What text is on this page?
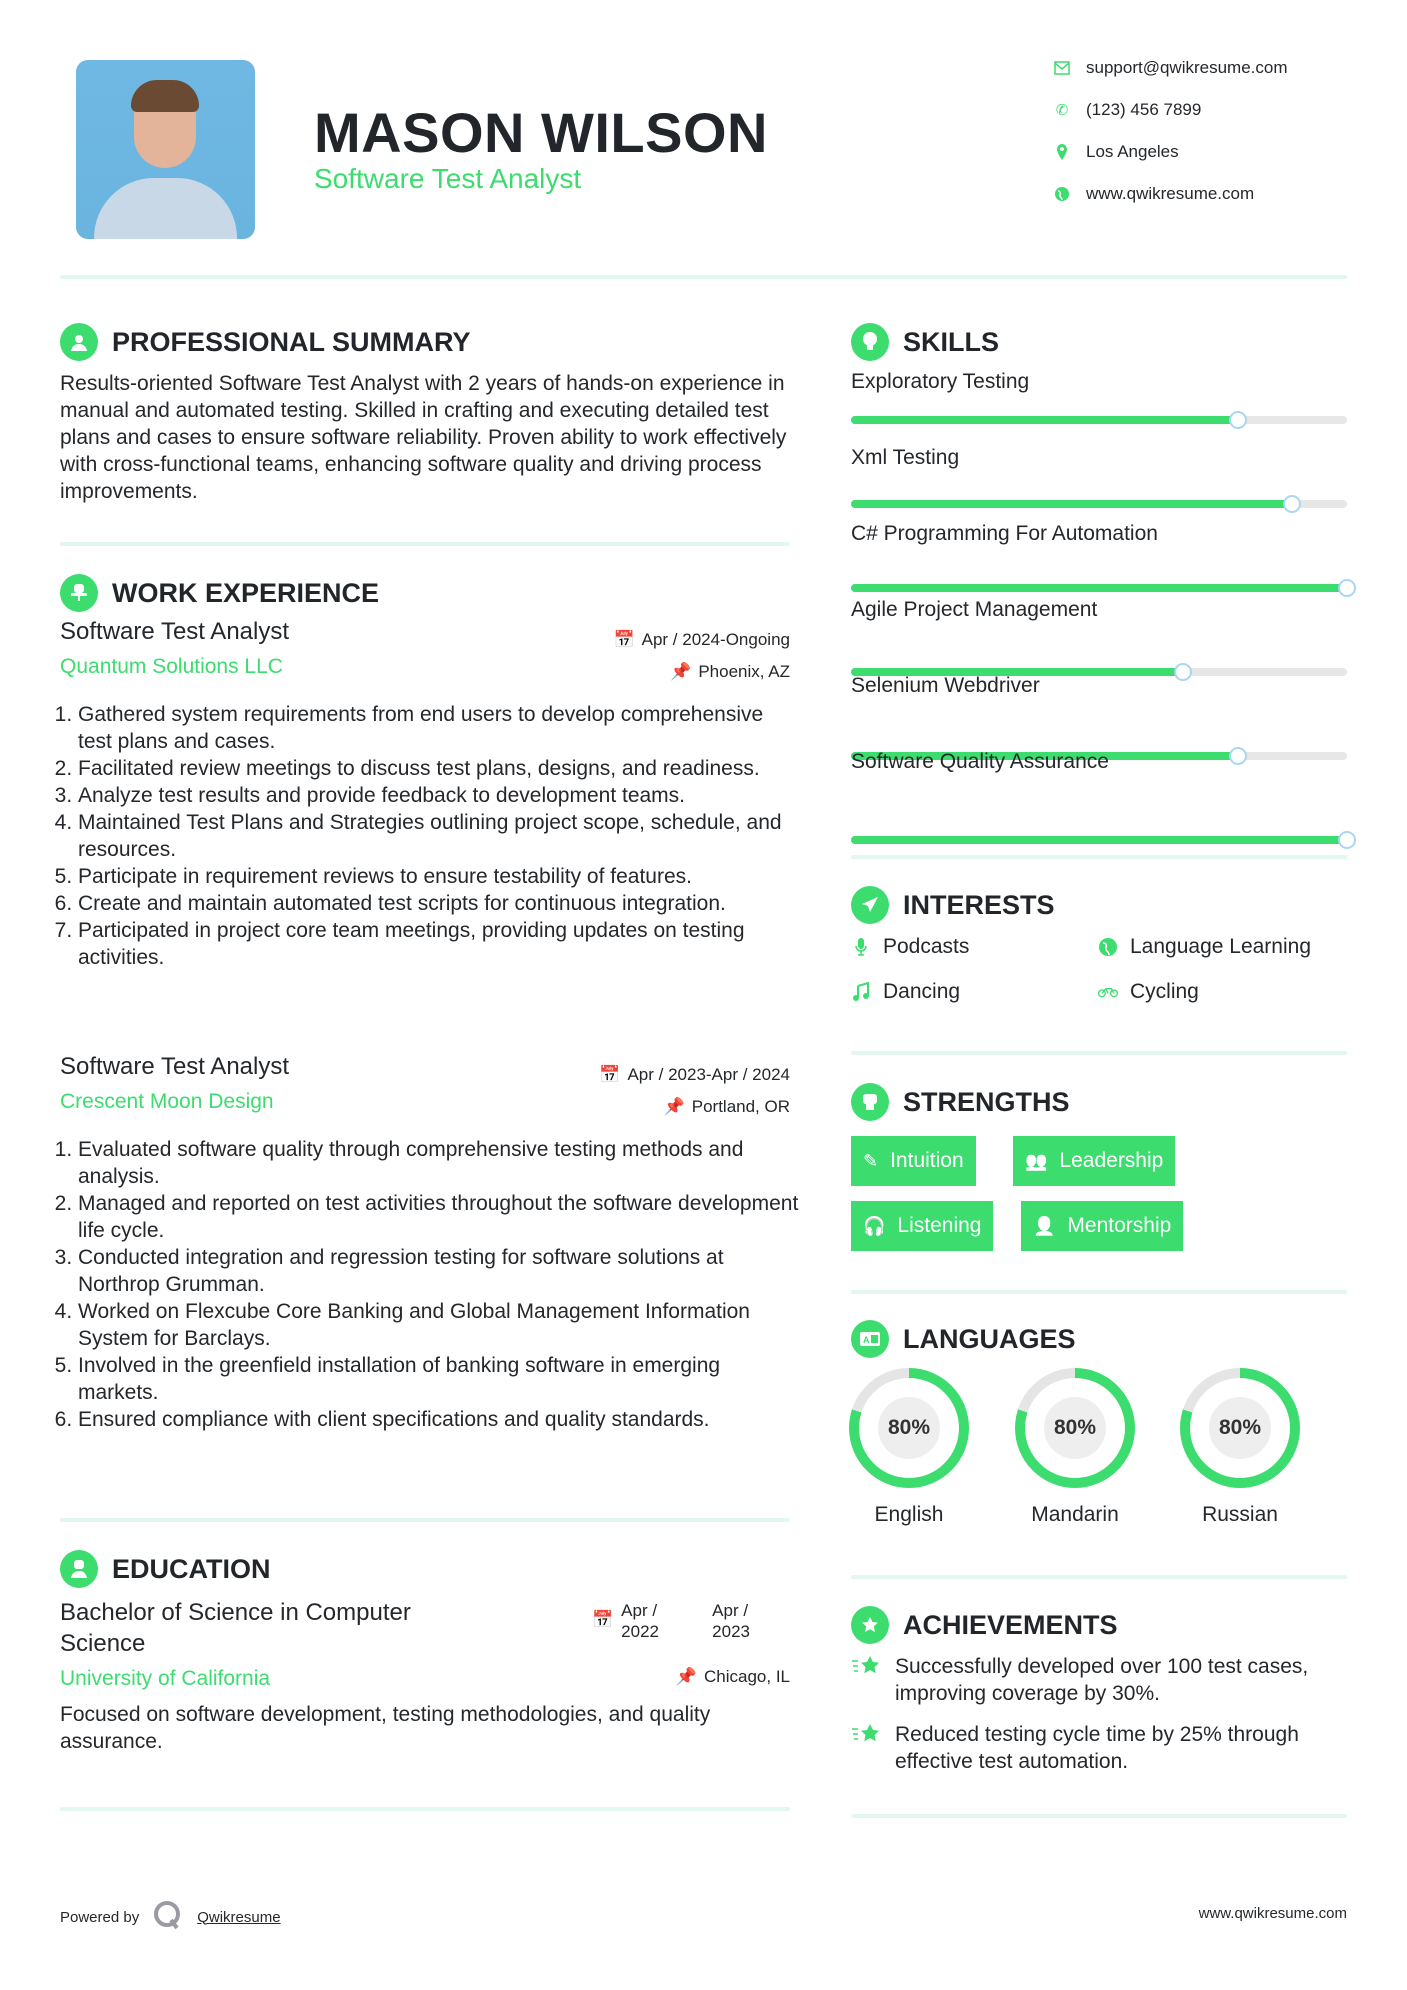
MASON WILSON
Software Test Analyst
support@qwikresume.com
✆ (123) 456 7899
Los Angeles
www.qwikresume.com
PROFESSIONAL SUMMARY
Results-oriented Software Test Analyst with 2 years of hands-on experience in manual and automated testing. Skilled in crafting and executing detailed test plans and cases to ensure software reliability. Proven ability to work effectively with cross-functional teams, enhancing software quality and driving process improvements.
WORK EXPERIENCE
Software Test Analyst
Quantum Solutions LLC
📅 Apr / 2024-Ongoing
📌 Phoenix, AZ
1. Gathered system requirements from end users to develop comprehensive test plans and cases.
2. Facilitated review meetings to discuss test plans, designs, and readiness.
3. Analyze test results and provide feedback to development teams.
4. Maintained Test Plans and Strategies outlining project scope, schedule, and resources.
5. Participate in requirement reviews to ensure testability of features.
6. Create and maintain automated test scripts for continuous integration.
7. Participated in project core team meetings, providing updates on testing activities.
Software Test Analyst
Crescent Moon Design
📅 Apr / 2023-Apr / 2024
📌 Portland, OR
1. Evaluated software quality through comprehensive testing methods and analysis.
2. Managed and reported on test activities throughout the software development life cycle.
3. Conducted integration and regression testing for software solutions at Northrop Grumman.
4. Worked on Flexcube Core Banking and Global Management Information System for Barclays.
5. Involved in the greenfield installation of banking software in emerging markets.
6. Ensured compliance with client specifications and quality standards.
EDUCATION
Bachelor of Science in Computer Science
📅 Apr / 2022
Apr / 2023
University of California	📌 Chicago, IL
Focused on software development, testing methodologies, and quality assurance.
SKILLS
Exploratory Testing
Xml Testing
C# Programming For Automation
Agile Project Management
Selenium Webdriver
Software Quality Assurance
INTERESTS
Podcasts	Language Learning
Dancing	Cycling
STRENGTHS
✎ Intuition	👥 Leadership
🎧 Listening	👤 Mentorship
A LANGUAGES
80%
English
80%
Mandarin
80%
Russian
ACHIEVEMENTS
Successfully developed over 100 test cases, improving coverage by 30%.
Reduced testing cycle time by 25% through effective test automation.
Powered by	Qwikresume	www.qwikresume.com
